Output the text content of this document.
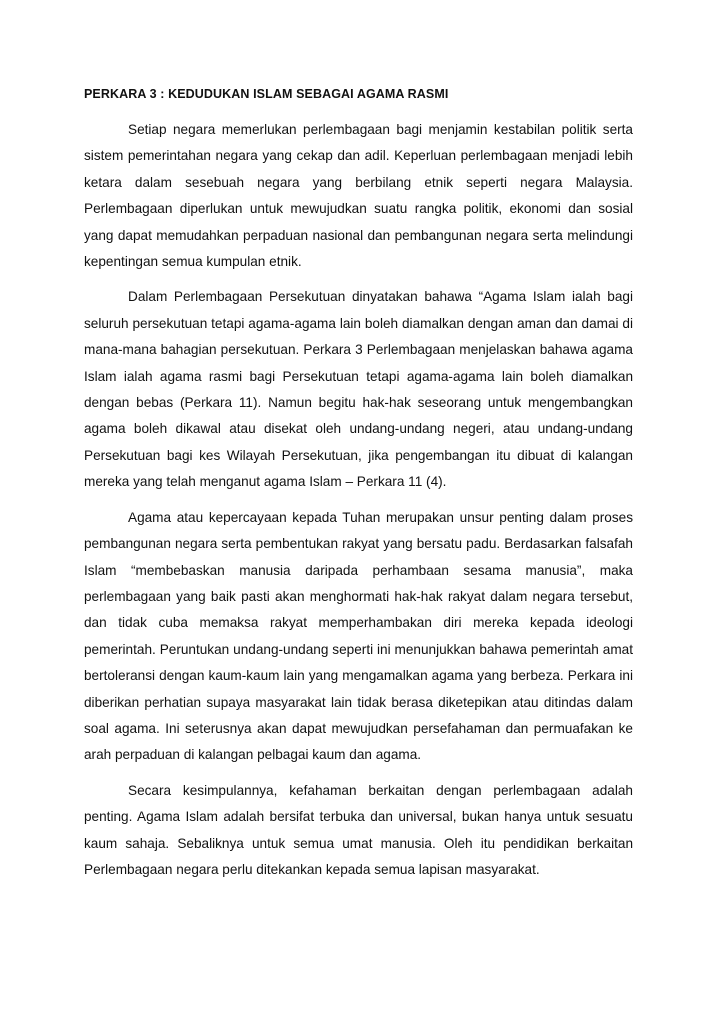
PERKARA 3 : KEDUDUKAN ISLAM SEBAGAI AGAMA RASMI

Setiap negara memerlukan perlembagaan bagi menjamin kestabilan politik serta sistem pemerintahan negara yang cekap dan adil. Keperluan perlembagaan menjadi lebih ketara dalam sesebuah negara yang berbilang etnik seperti negara Malaysia. Perlembagaan diperlukan untuk mewujudkan suatu rangka politik, ekonomi dan sosial yang dapat memudahkan perpaduan nasional dan pembangunan negara serta melindungi kepentingan semua kumpulan etnik.

Dalam Perlembagaan Persekutuan dinyatakan bahawa “Agama Islam ialah bagi seluruh persekutuan tetapi agama-agama lain boleh diamalkan dengan aman dan damai di mana-mana bahagian persekutuan. Perkara 3 Perlembagaan menjelaskan bahawa agama Islam ialah agama rasmi bagi Persekutuan tetapi agama-agama lain boleh diamalkan dengan bebas (Perkara 11). Namun begitu hak-hak seseorang untuk mengembangkan agama boleh dikawal atau disekat oleh undang-undang negeri, atau undang-undang Persekutuan bagi kes Wilayah Persekutuan, jika pengembangan itu dibuat di kalangan mereka yang telah menganut agama Islam – Perkara 11 (4).

Agama atau kepercayaan kepada Tuhan merupakan unsur penting dalam proses pembangunan negara serta pembentukan rakyat yang bersatu padu. Berdasarkan falsafah Islam “membebaskan manusia daripada perhambaan sesama manusia”, maka perlembagaan yang baik pasti akan menghormati hak-hak rakyat dalam negara tersebut, dan tidak cuba memaksa rakyat memperhambakan diri mereka kepada ideologi pemerintah. Peruntukan undang-undang seperti ini menunjukkan bahawa pemerintah amat bertoleransi dengan kaum-kaum lain yang mengamalkan agama yang berbeza. Perkara ini diberikan perhatian supaya masyarakat lain tidak berasa diketepikan atau ditindas dalam soal agama. Ini seterusnya akan dapat mewujudkan persefahaman dan permuafakan ke arah perpaduan di kalangan pelbagai kaum dan agama.

Secara kesimpulannya, kefahaman berkaitan dengan perlembagaan adalah penting. Agama Islam adalah bersifat terbuka dan universal, bukan hanya untuk sesuatu kaum sahaja. Sebaliknya untuk semua umat manusia. Oleh itu pendidikan berkaitan Perlembagaan negara perlu ditekankan kepada semua lapisan masyarakat.
